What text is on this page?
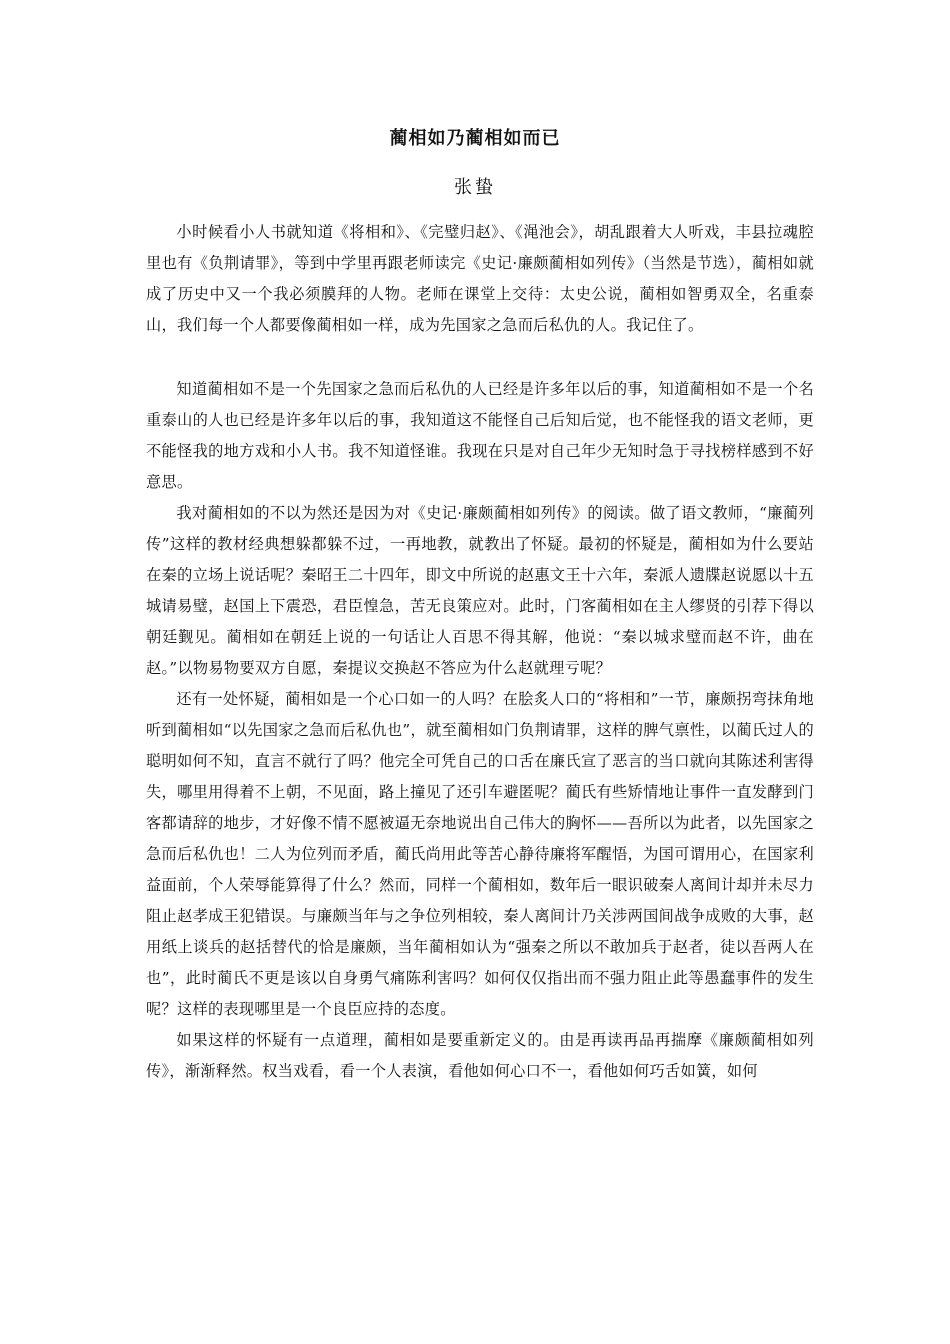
蔺相如乃蔺相如而已
张蛰

小时候看小人书就知道《将相和》、《完璧归赵》、《渑池会》，胡乱跟着大人听戏，丰县拉魂腔里也有《负荆请罪》，等到中学里再跟老师读完《史记·廉颇蔺相如列传》（当然是节选），蔺相如就成了历史中又一个我必须膜拜的人物。老师在课堂上交待：太史公说，蔺相如智勇双全，名重泰山，我们每一个人都要像蔺相如一样，成为先国家之急而后私仇的人。我记住了。

知道蔺相如不是一个先国家之急而后私仇的人已经是许多年以后的事，知道蔺相如不是一个名重泰山的人也已经是许多年以后的事，我知道这不能怪自己后知后觉，也不能怪我的语文老师，更不能怪我的地方戏和小人书。我不知道怪谁。我现在只是对自己年少无知时急于寻找榜样感到不好意思。

我对蔺相如的不以为然还是因为对《史记·廉颇蔺相如列传》的阅读。做了语文教师，“廉蔺列传”这样的教材经典想躲都躲不过，一再地教，就教出了怀疑。最初的怀疑是，蔺相如为什么要站在秦的立场上说话呢？秦昭王二十四年，即文中所说的赵惠文王十六年，秦派人遗牒赵说愿以十五城请易璧，赵国上下震恐，君臣惶急，苦无良策应对。此时，门客蔺相如在主人缪贤的引荐下得以朝廷觐见。蔺相如在朝廷上说的一句话让人百思不得其解，他说：“秦以城求璧而赵不许，曲在赵。”以物易物要双方自愿，秦提议交换赵不答应为什么赵就理亏呢？

还有一处怀疑，蔺相如是一个心口如一的人吗？在脍炙人口的“将相和”一节，廉颇拐弯抹角地听到蔺相如“以先国家之急而后私仇也”，就至蔺相如门负荆请罪，这样的脾气禀性，以蔺氏过人的聪明如何不知，直言不就行了吗？他完全可凭自己的口舌在廉氏宣了恶言的当口就向其陈述利害得失，哪里用得着不上朝，不见面，路上撞见了还引车避匿呢？蔺氏有些矫情地让事件一直发酵到门客都请辞的地步，才好像不情不愿被逼无奈地说出自己伟大的胸怀——吾所以为此者，以先国家之急而后私仇也！二人为位列而矛盾，蔺氏尚用此等苦心静待廉将军醒悟，为国可谓用心，在国家利益面前，个人荣辱能算得了什么？然而，同样一个蔺相如，数年后一眼识破秦人离间计却并未尽力阻止赵孝成王犯错误。与廉颇当年与之争位列相较，秦人离间计乃关涉两国间战争成败的大事，赵用纸上谈兵的赵括替代的恰是廉颇，当年蔺相如认为“强秦之所以不敢加兵于赵者，徒以吾两人在也”，此时蔺氏不更是该以自身勇气痛陈利害吗？如何仅仅指出而不强力阻止此等愚蠢事件的发生呢？这样的表现哪里是一个良臣应持的态度。

如果这样的怀疑有一点道理，蔺相如是要重新定义的。由是再读再品再揣摩《廉颇蔺相如列传》，渐渐释然。权当戏看，看一个人表演，看他如何心口不一，看他如何巧舌如簧，如何
